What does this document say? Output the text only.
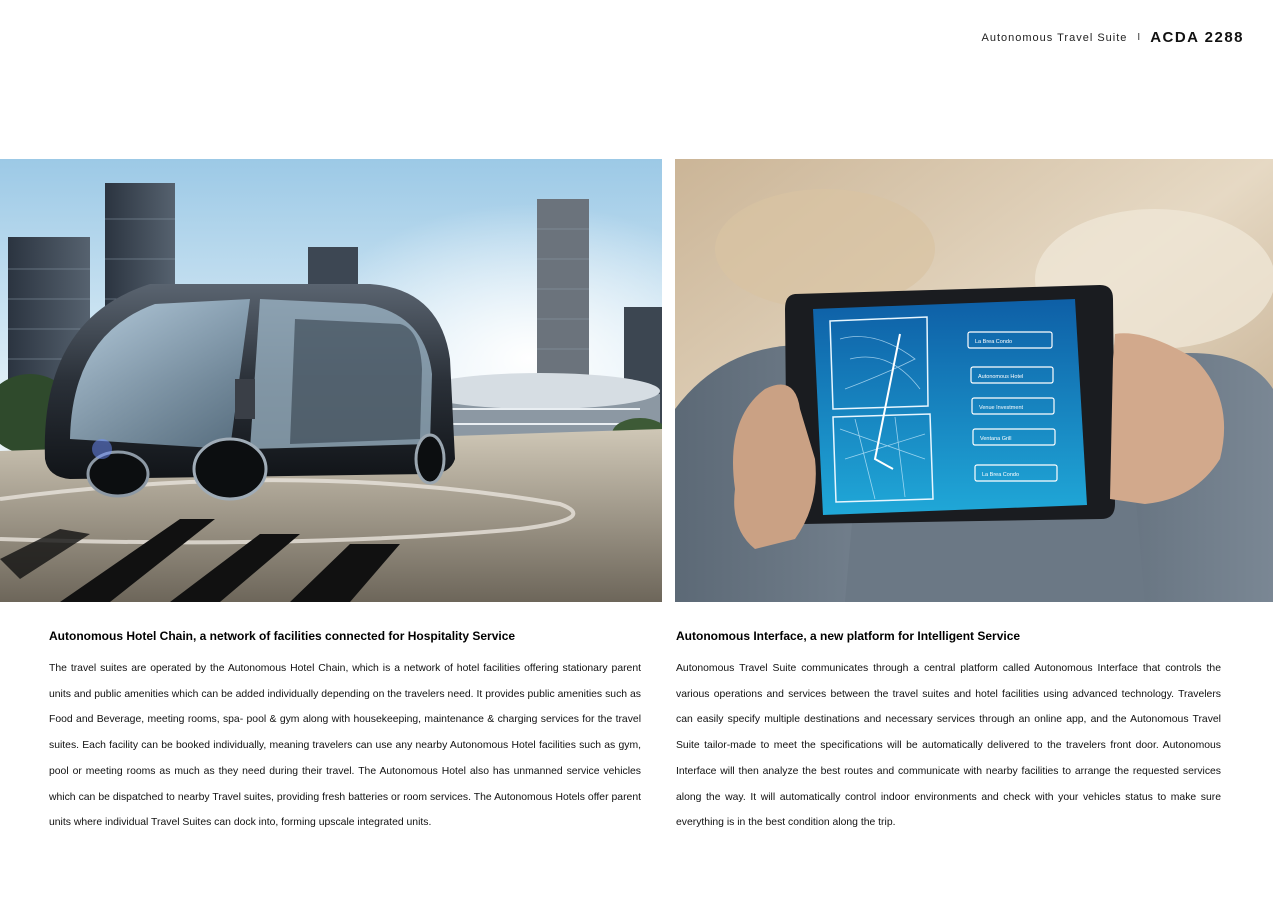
Autonomous Travel Suite I ACDA 2288
La Brea Condo
Autonomous Hotel
Venue Investment
Ventana Grill
La Brea Condo
Autonomous Hotel Chain, a network of facilities connected for Hospitality Service

The travel suites are operated by the Autonomous Hotel Chain, which is a network of hotel facilities offering stationary parent units and public amenities which can be added individually depending on the travelers need. It provides public amenities such as Food and Beverage, meeting rooms, spa- pool & gym along with housekeeping, maintenance & charging services for the travel suites. Each facility can be booked individually, meaning travelers can use any nearby Autonomous Hotel facilities such as gym, pool or meeting rooms as much as they need during their travel. The Autonomous Hotel also has unmanned service vehicles which can be dispatched to nearby Travel suites, providing fresh batteries or room services. The Autonomous Hotels offer parent units where individual Travel Suites can dock into, forming upscale integrated units.

Autonomous Interface, a new platform for Intelligent Service

Autonomous Travel Suite communicates through a central platform called Autonomous Interface that controls the various operations and services between the travel suites and hotel facilities using advanced technology. Travelers can easily specify multiple destinations and necessary services through an online app, and the Autonomous Travel Suite tailor-made to meet the specifications will be automatically delivered to the travelers front door. Autonomous Interface will then analyze the best routes and communicate with nearby facilities to arrange the requested services along the way. It will automatically control indoor environments and check with your vehicles status to make sure everything is in the best condition along the trip.
